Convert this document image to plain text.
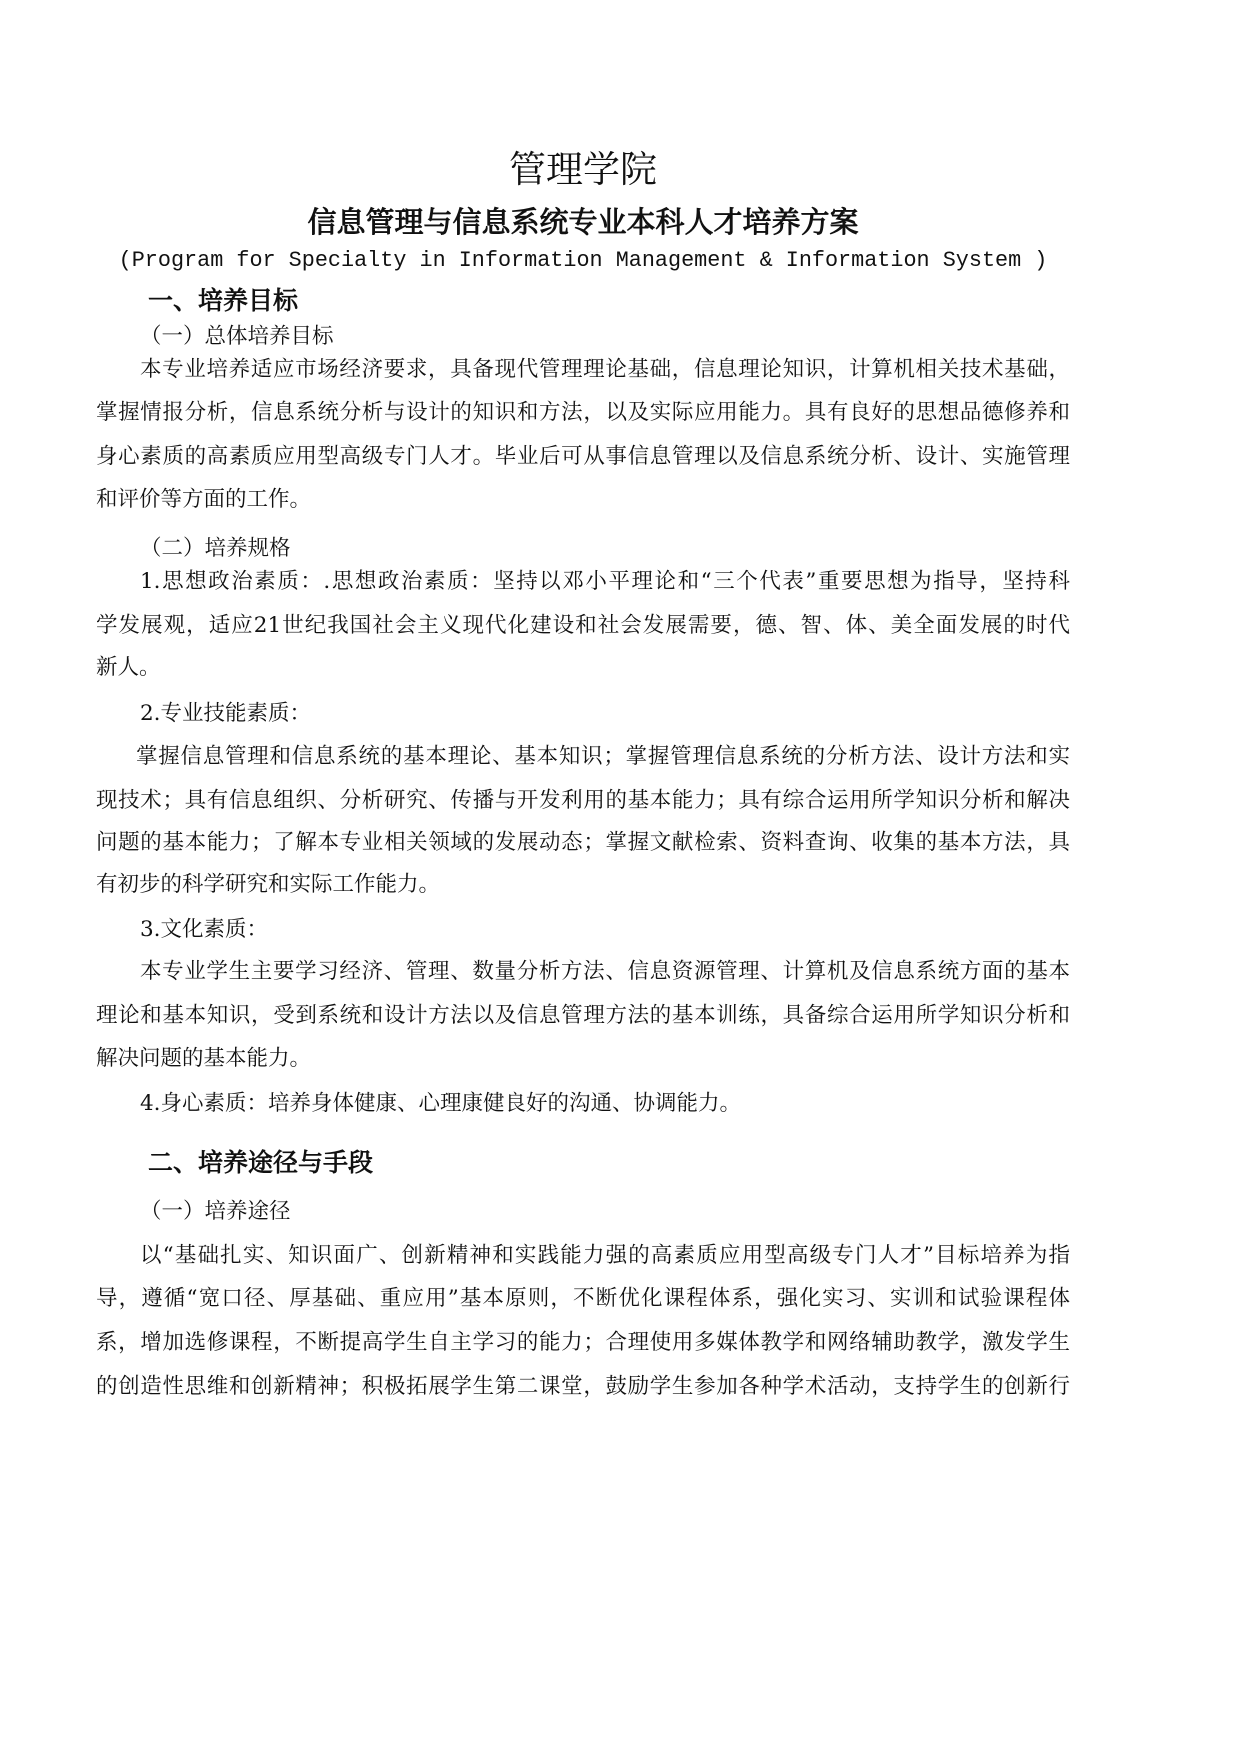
管理学院
信息管理与信息系统专业本科人才培养方案
(Program for Specialty in Information Management & Information System )
一、培养目标
（一）总体培养目标
本专业培养适应市场经济要求，具备现代管理理论基础，信息理论知识，计算机相关技术基础，
掌握情报分析，信息系统分析与设计的知识和方法，以及实际应用能力。具有良好的思想品德修养和
身心素质的高素质应用型高级专门人才。毕业后可从事信息管理以及信息系统分析、设计、实施管理
和评价等方面的工作。
（二）培养规格
1.思想政治素质：.思想政治素质：坚持以邓小平理论和“三个代表”重要思想为指导，坚持科
学发展观，适应21世纪我国社会主义现代化建设和社会发展需要，德、智、体、美全面发展的时代
新人。
2.专业技能素质：
掌握信息管理和信息系统的基本理论、基本知识；掌握管理信息系统的分析方法、设计方法和实
现技术；具有信息组织、分析研究、传播与开发利用的基本能力；具有综合运用所学知识分析和解决
问题的基本能力；了解本专业相关领域的发展动态；掌握文献检索、资料查询、收集的基本方法，具
有初步的科学研究和实际工作能力。
3.文化素质：
本专业学生主要学习经济、管理、数量分析方法、信息资源管理、计算机及信息系统方面的基本
理论和基本知识，受到系统和设计方法以及信息管理方法的基本训练，具备综合运用所学知识分析和
解决问题的基本能力。
4.身心素质：培养身体健康、心理康健良好的沟通、协调能力。
二、培养途径与手段
（一）培养途径
以“基础扎实、知识面广、创新精神和实践能力强的高素质应用型高级专门人才”目标培养为指
导，遵循“宽口径、厚基础、重应用”基本原则，不断优化课程体系，强化实习、实训和试验课程体
系，增加选修课程，不断提高学生自主学习的能力；合理使用多媒体教学和网络辅助教学，激发学生
的创造性思维和创新精神；积极拓展学生第二课堂，鼓励学生参加各种学术活动，支持学生的创新行
